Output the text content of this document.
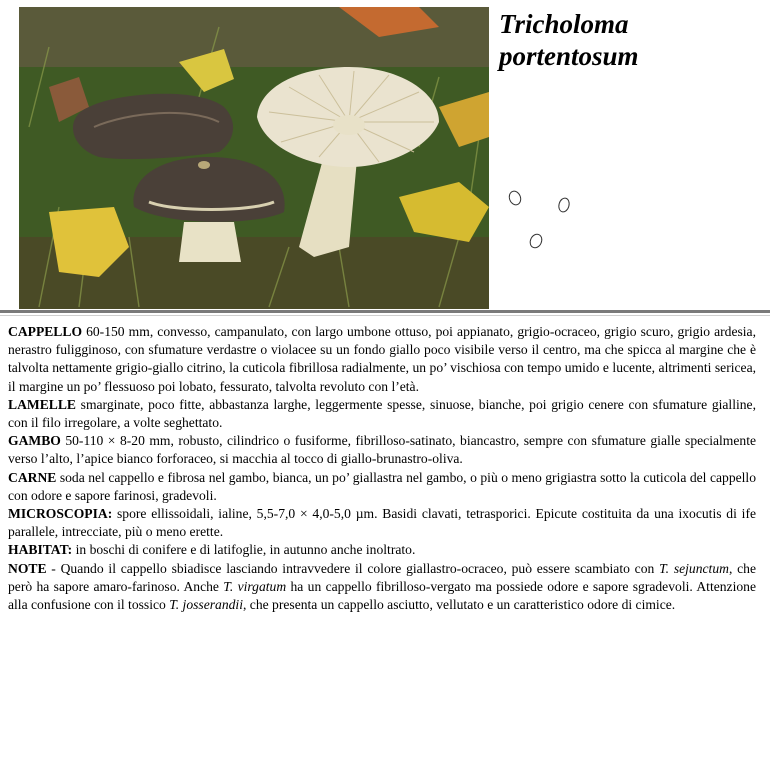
Tricholoma
portentosum

CAPPELLO 60-150 mm, convesso, campanulato, con largo umbone ottuso, poi appianato, grigio-ocraceo, grigio scuro, grigio ardesia, nerastro fuligginoso, con sfumature verdastre o violacee su un fondo giallo poco visibile verso il centro, ma che spicca al margine che è talvolta nettamente grigio-giallo citrino, la cuticola fibrillosa radialmente, un po’ vischiosa con tempo umido e lucente, altrimenti sericea, il margine un po’ flessuoso poi lobato, fessurato, talvolta revoluto con l’età.

LAMELLE smarginate, poco fitte, abbastanza larghe, leggermente spesse, sinuose, bianche, poi grigio cenere con sfumature gialline, con il filo irregolare, a volte seghettato.

GAMBO 50-110 × 8-20 mm, robusto, cilindrico o fusiforme, fibrilloso-satinato, biancastro, sempre con sfumature gialle specialmente verso l’alto, l’apice bianco forforaceo, si macchia al tocco di giallo-brunastro-oliva.

CARNE soda nel cappello e fibrosa nel gambo, bianca, un po’ giallastra nel gambo, o più o meno grigiastra sotto la cuticola del cappello con odore e sapore farinosi, gradevoli.

MICROSCOPIA: spore ellissoidali, ialine, 5,5-7,0 × 4,0-5,0 µm. Basidi clavati, tetrasporici. Epicute costituita da una ixocutis di ife parallele, intrecciate, più o meno erette.

HABITAT: in boschi di conifere e di latifoglie, in autunno anche inoltrato.

NOTE - Quando il cappello sbiadisce lasciando intravvedere il colore giallastro-ocraceo, può essere scambiato con T. sejunctum, che però ha sapore amaro-farinoso. Anche T. virgatum ha un cappello fibrilloso-vergato ma possiede odore e sapore sgradevoli. Attenzione alla confusione con il tossico T. josserandii, che presenta un cappello asciutto, vellutato e un caratteristico odore di cimice.
